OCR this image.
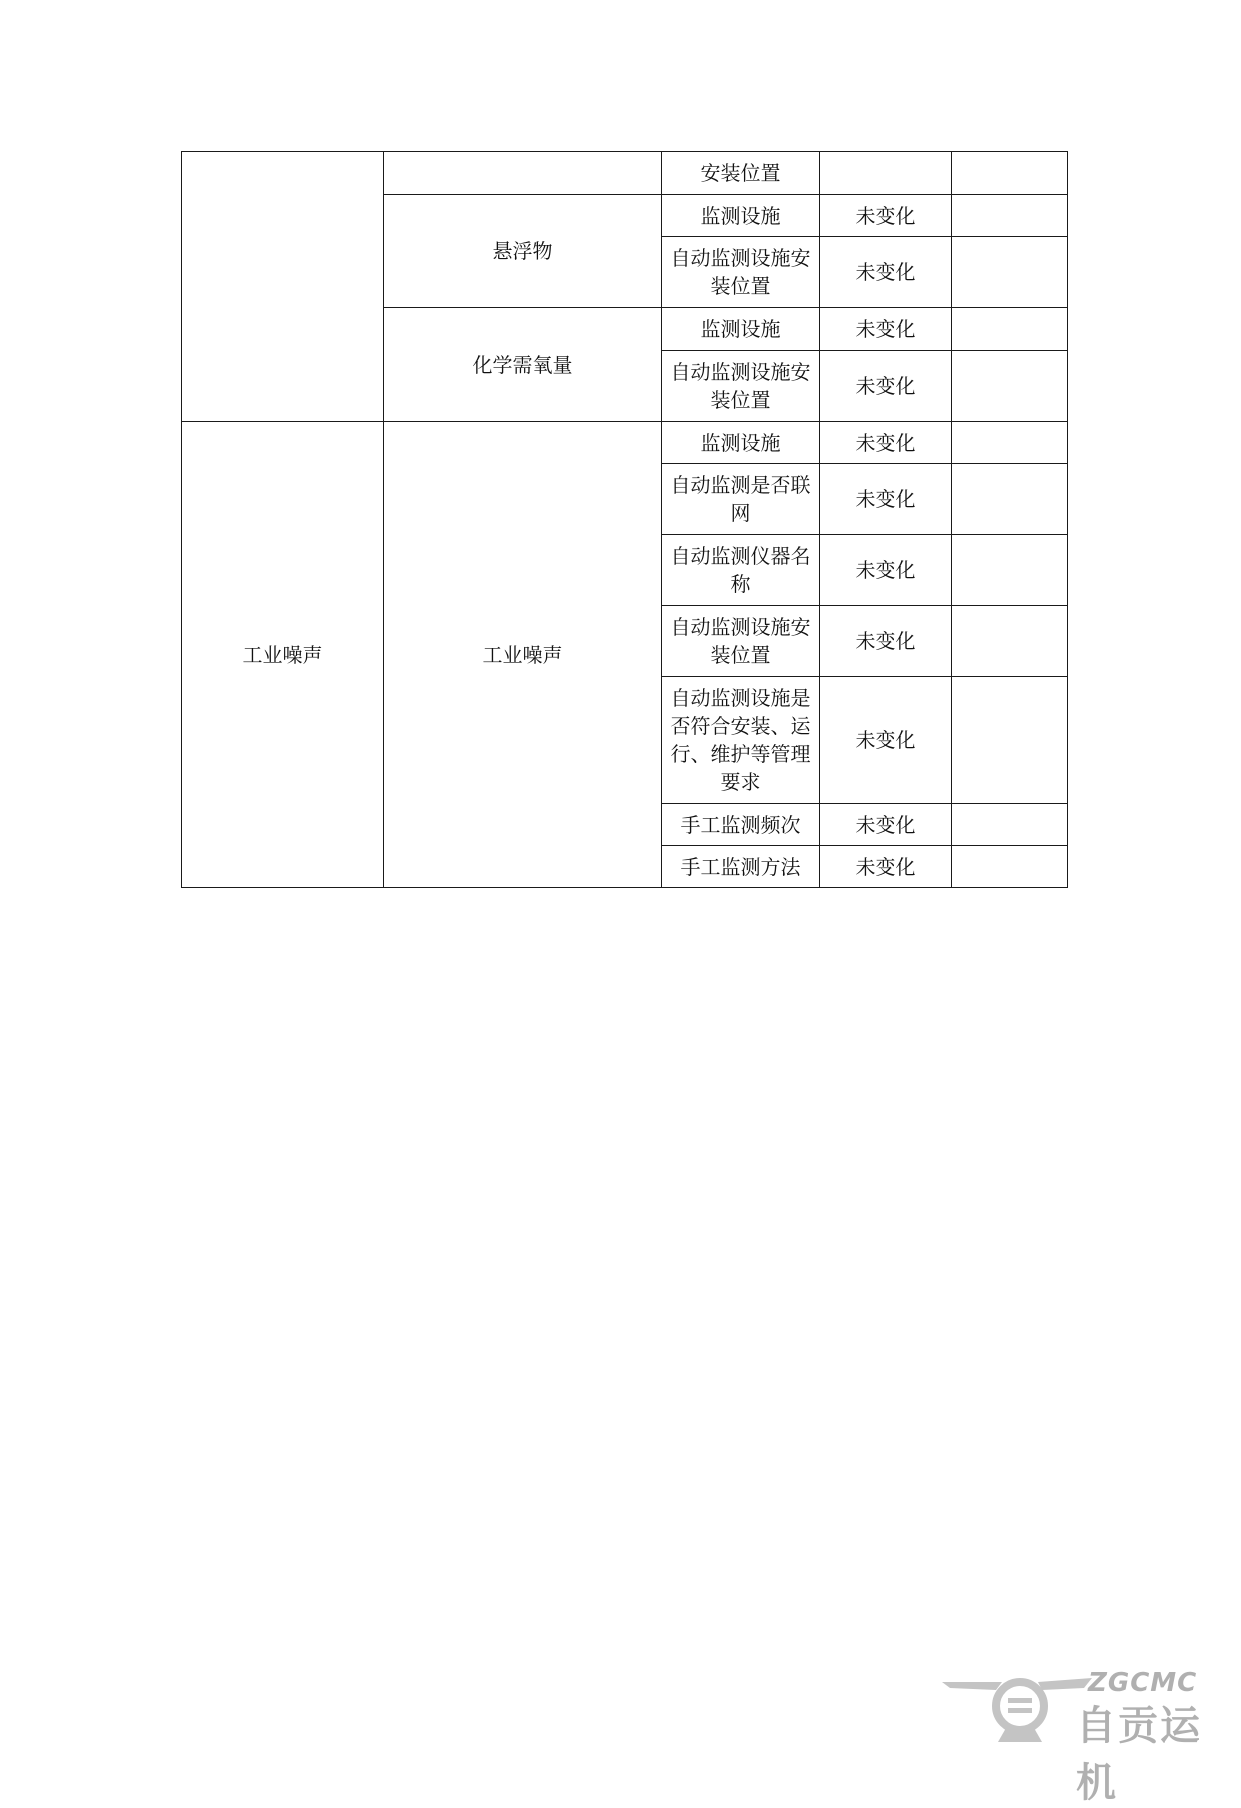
		安装位置		
	悬浮物	监测设施	未变化	
		自动监测设施安装位置	未变化	
	化学需氧量	监测设施	未变化	
		自动监测设施安装位置	未变化	
工业噪声	工业噪声	监测设施	未变化	
		自动监测是否联网	未变化	
		自动监测仪器名称	未变化	
		自动监测设施安装位置	未变化	
		自动监测设施是否符合安装、运行、维护等管理要求	未变化	
		手工监测频次	未变化	
		手工监测方法	未变化	
ZGCMC
自贡运机
